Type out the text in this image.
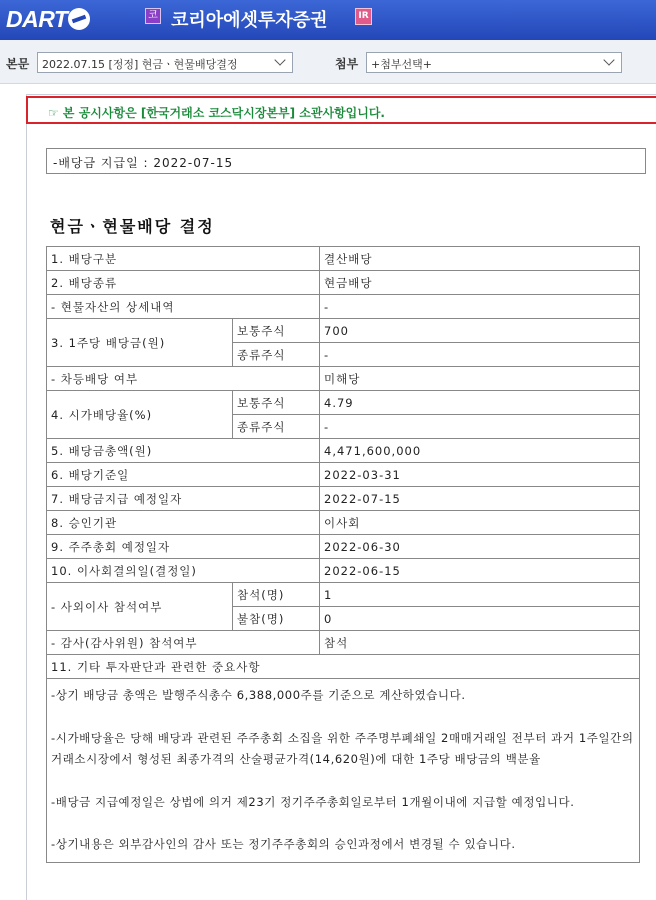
DART	코 코리아에셋투자증권	IR
본문	2022.07.15 [정정] 현금ㆍ현물배당결정	첨부	+첨부선택+
☞ 본 공시사항은 [한국거래소 코스닥시장본부] 소관사항입니다.
-배당금 지급일 : 2022-07-15
현금ㆍ현물배당 결정
1. 배당구분		결산배당
2. 배당종류		현금배당
- 현물자산의 상세내역		-
3. 1주당 배당금(원)	보통주식	700
	종류주식	-
- 차등배당 여부		미해당
4. 시가배당율(%)	보통주식	4.79
	종류주식	-
5. 배당금총액(원)		4,471,600,000
6. 배당기준일		2022-03-31
7. 배당금지급 예정일자		2022-07-15
8. 승인기관		이사회
9. 주주총회 예정일자		2022-06-30
10. 이사회결의일(결정일)		2022-06-15
- 사외이사 참석여부	참석(명)	1
	불참(명)	0
- 감사(감사위원) 참석여부		참석
11. 기타 투자판단과 관련한 중요사항		

-상기 배당금 총액은 발행주식총수 6,388,000주를 기준으로 계산하였습니다.

-시가배당율은 당해 배당과 관련된 주주총회 소집을 위한 주주명부폐쇄일 2매매거래일 전부터 과거 1주일간의 거래소시장에서 형성된 최종가격의 산술평균가격(14,620원)에 대한 1주당 배당금의 백분율

-배당금 지급예정일은 상법에 의거 제23기 정기주주총회일로부터 1개월이내에 지급할 예정입니다.

-상기내용은 외부감사인의 감사 또는 정기주주총회의 승인과정에서 변경될 수 있습니다.		
